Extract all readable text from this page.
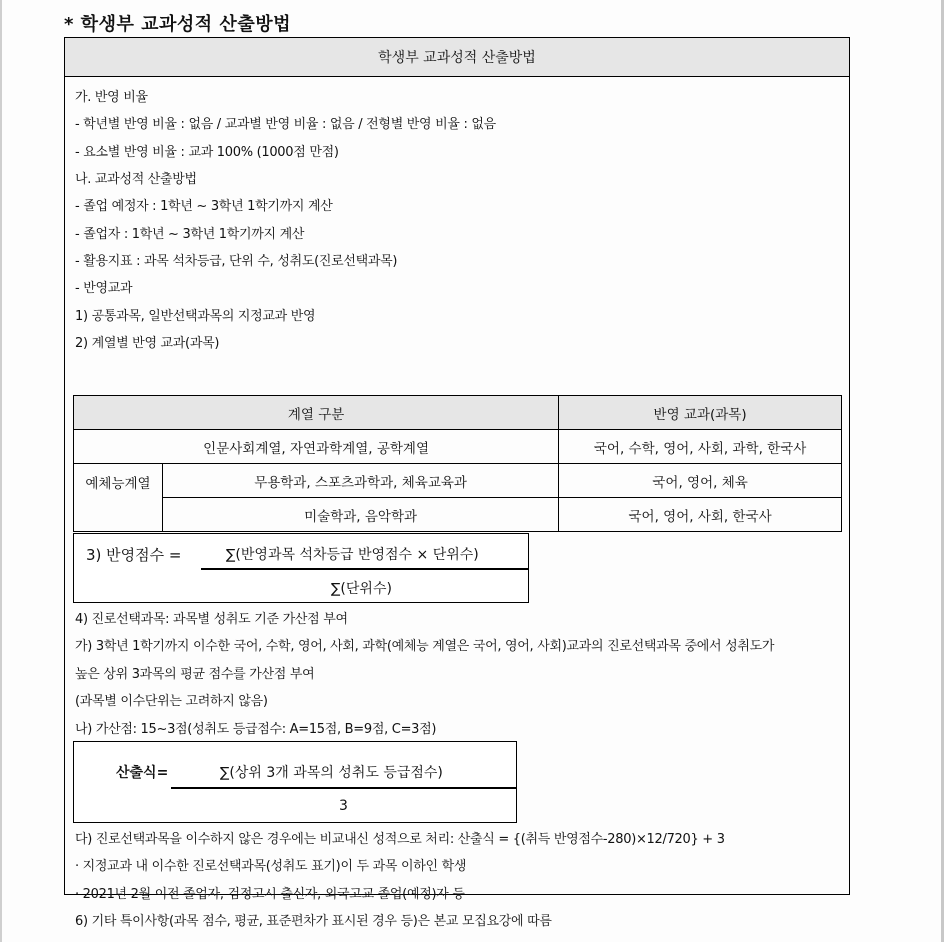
* 학생부 교과성적 산출방법
학생부 교과성적 산출방법
가. 반영 비율
- 학년별 반영 비율 : 없음 / 교과별 반영 비율 : 없음 / 전형별 반영 비율 : 없음
- 요소별 반영 비율 : 교과 100% (1000점 만점)
나. 교과성적 산출방법
- 졸업 예정자 : 1학년 ~ 3학년 1학기까지 계산
- 졸업자 : 1학년 ~ 3학년 1학기까지 계산
- 활용지표 : 과목 석차등급, 단위 수, 성취도(진로선택과목)
- 반영교과
1) 공통과목, 일반선택과목의 지정교과 반영
2) 계열별 반영 교과(과목)
계열 구분		반영 교과(과목)
인문사회계열, 자연과학계열, 공학계열		국어, 수학, 영어, 사회, 과학, 한국사
예체능계열	무용학과, 스포츠과학과, 체육교육과	국어, 영어, 체육
	미술학과, 음악학과	국어, 영어, 사회, 한국사
3) 반영점수 =	∑(반영과목 석차등급 반영점수 × 단위수)
∑(단위수)
4) 진로선택과목: 과목별 성취도 기준 가산점 부여
가) 3학년 1학기까지 이수한 국어, 수학, 영어, 사회, 과학(예체능 계열은 국어, 영어, 사회)교과의 진로선택과목 중에서 성취도가
높은 상위 3과목의 평균 점수를 가산점 부여
(과목별 이수단위는 고려하지 않음)
나) 가산점: 15~3점(성취도 등급점수: A=15점, B=9점, C=3점)
산출식=	∑(상위 3개 과목의 성취도 등급점수)
3
다) 진로선택과목을 이수하지 않은 경우에는 비교내신 성적으로 처리: 산출식 = {(취득 반영점수-280)×12/720} + 3
· 지정교과 내 이수한 진로선택과목(성취도 표기)이 두 과목 이하인 학생
· 2021년 2월 이전 졸업자, 검정고시 출신자, 외국고교 졸업(예정)자 등
6) 기타 특이사항(과목 점수, 평균, 표준편차가 표시된 경우 등)은 본교 모집요강에 따름
